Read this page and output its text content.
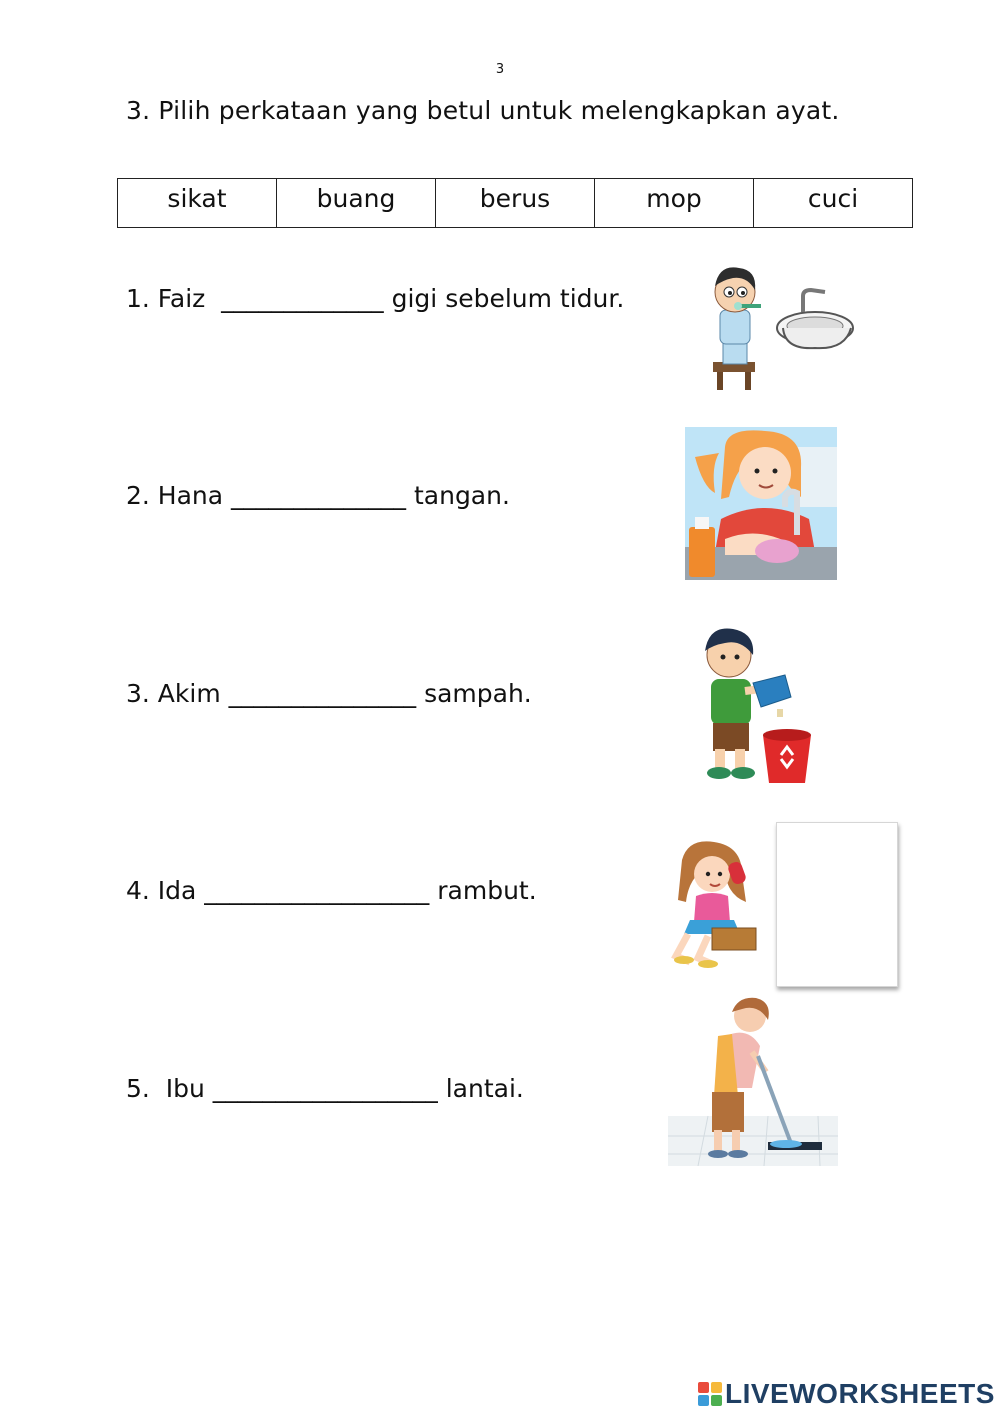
3
3. Pilih perkataan yang betul untuk melengkapkan ayat.
sikat	buang	berus	mop	cuci
1. Faiz  _____________ gigi sebelum tidur.
2. Hana ______________ tangan.
3. Akim _______________ sampah.
4. Ida __________________ rambut.
5.  Ibu __________________ lantai.
LIVEWORKSHEETS
